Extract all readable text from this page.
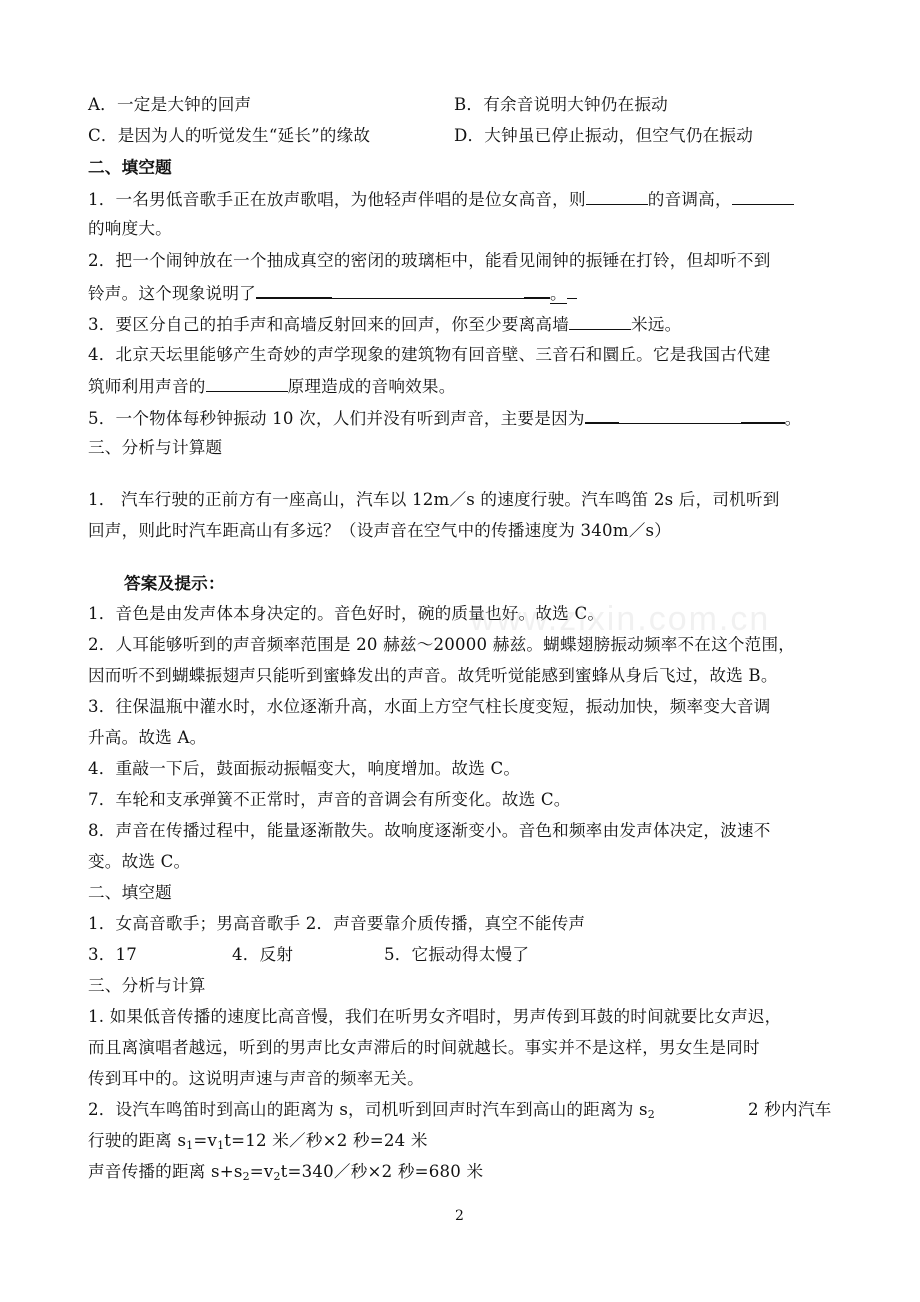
A．一定是大钟的回声	B．有余音说明大钟仍在振动
C．是因为人的听觉发生“延长”的缘故	D．大钟虽已停止振动，但空气仍在振动
二、填空题
1．一名男低音歌手正在放声歌唱，为他轻声伴唱的是位女高音，则	的音调高，
的响度大。
2．把一个闹钟放在一个抽成真空的密闭的玻璃柜中，能看见闹钟的振锤在打铃，但却听不到
铃声。这个现象说明了	。
3．要区分自己的拍手声和高墙反射回来的回声，你至少要离高墙	米远。
4．北京天坛里能够产生奇妙的声学现象的建筑物有回音壁、三音石和圜丘。它是我国古代建
筑师利用声音的	原理造成的音响效果。
5．一个物体每秒钟振动 10 次，人们并没有听到声音，主要是因为	。
三、分析与计算题
1． 汽车行驶的正前方有一座高山，汽车以 12m／s 的速度行驶。汽车鸣笛 2s 后，司机听到
回声，则此时汽车距高山有多远？（设声音在空气中的传播速度为 340m／s）
答案及提示：
1．音色是由发声体本身决定的。音色好时，碗的质量也好。故选 C。
2．人耳能够听到的声音频率范围是 20 赫兹～20000 赫兹。蝴蝶翅膀振动频率不在这个范围，
因而听不到蝴蝶振翅声只能听到蜜蜂发出的声音。故凭听觉能感到蜜蜂从身后飞过，故选 B。
3．往保温瓶中灌水时，水位逐渐升高，水面上方空气柱长度变短，振动加快，频率变大音调
升高。故选 A。
4．重敲一下后，鼓面振动振幅变大，响度增加。故选 C。
7．车轮和支承弹簧不正常时，声音的音调会有所变化。故选 C。
8．声音在传播过程中，能量逐渐散失。故响度逐渐变小。音色和频率由发声体决定，波速不
变。故选 C。
二、填空题
1．女高音歌手；男高音歌手 2．声音要靠介质传播，真空不能传声
3．17	4．反射	5．它振动得太慢了
三、分析与计算
1. 如果低音传播的速度比高音慢，我们在听男女齐唱时，男声传到耳鼓的时间就要比女声迟，
而且离演唱者越远，听到的男声比女声滞后的时间就越长。事实并不是这样，男女生是同时
传到耳中的。这说明声速与声音的频率无关。
2．设汽车鸣笛时到高山的距离为 s，司机听到回声时汽车到高山的距离为 $s_2$	2 秒内汽车
行驶的距离 $s_1=v_1t=12$ 米／秒×2 秒=24 米
声音传播的距离 $s+s_2=v_2t=340/$秒×2 秒=680 米
www.zixin.com.cn
2
